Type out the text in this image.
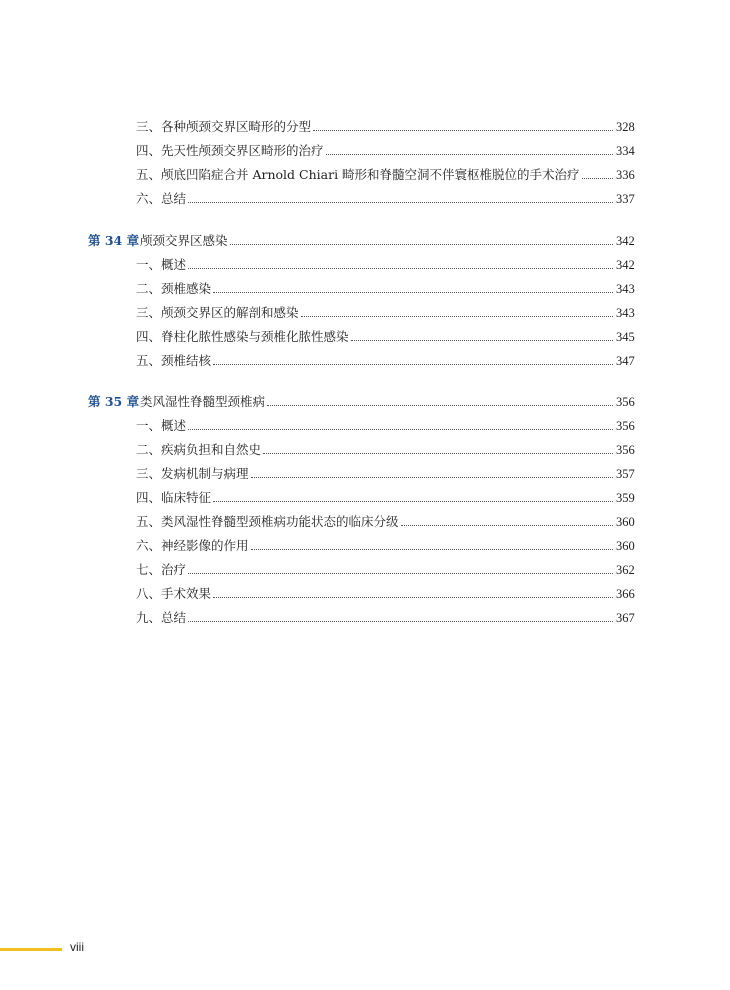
三、各种颅颈交界区畸形的分型	328
四、先天性颅颈交界区畸形的治疗	334
五、颅底凹陷症合并 Arnold Chiari 畸形和脊髓空洞不伴寰枢椎脱位的手术治疗	336
六、总结	337
第 34 章 颅颈交界区感染	342
一、概述	342
二、颈椎感染	343
三、颅颈交界区的解剖和感染	343
四、脊柱化脓性感染与颈椎化脓性感染	345
五、颈椎结核	347
第 35 章 类风湿性脊髓型颈椎病	356
一、概述	356
二、疾病负担和自然史	356
三、发病机制与病理	357
四、临床特征	359
五、类风湿性脊髓型颈椎病功能状态的临床分级	360
六、神经影像的作用	360
七、治疗	362
八、手术效果	366
九、总结	367
viii
